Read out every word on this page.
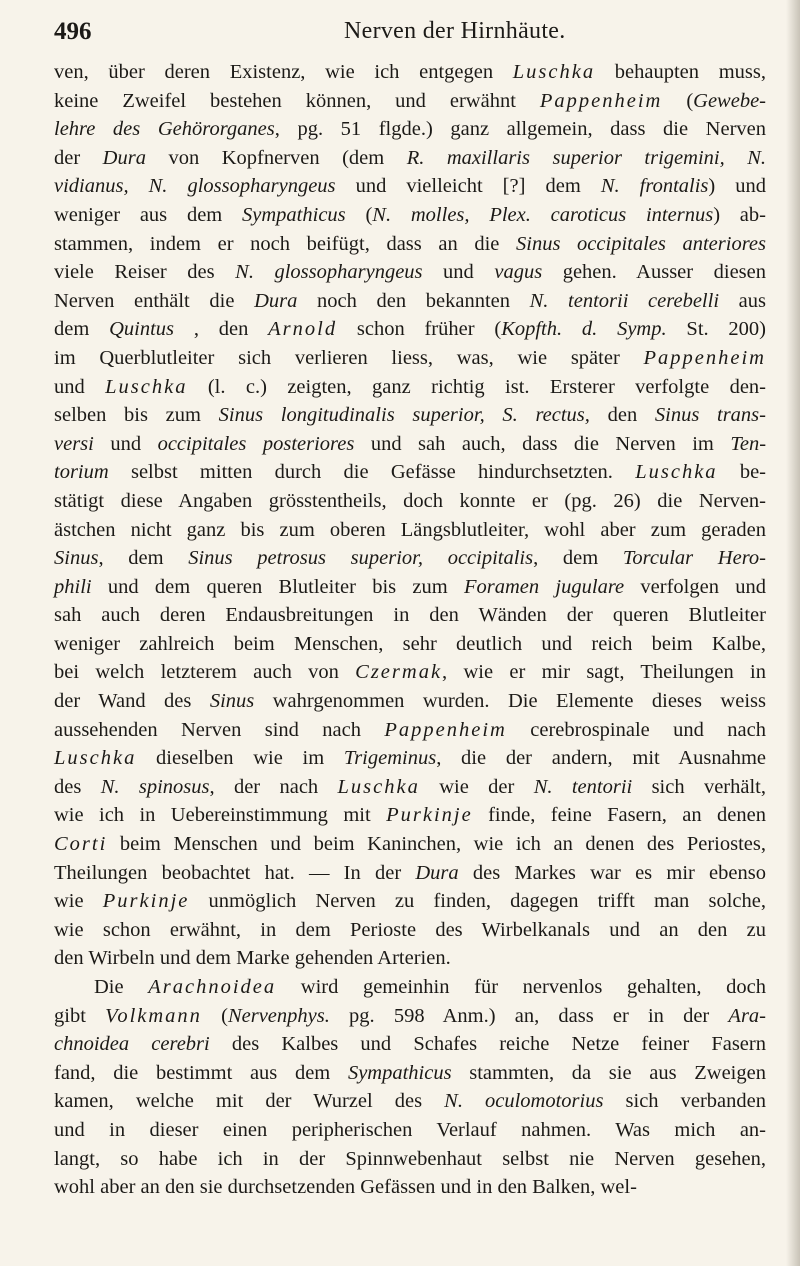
496	Nerven der Hirnhäute.
ven, über deren Existenz, wie ich entgegen Luschka behaupten muss,
keine Zweifel bestehen können, und erwähnt Pappenheim (Gewebe-
lehre des Gehörorganes, pg. 51 flgde.) ganz allgemein, dass die Nerven
der Dura von Kopfnerven (dem R. maxillaris superior trigemini, N.
vidianus, N. glossopharyngeus und vielleicht [?] dem N. frontalis) und
weniger aus dem Sympathicus (N. molles, Plex. caroticus internus) ab-
stammen, indem er noch beifügt, dass an die Sinus occipitales anteriores
viele Reiser des N. glossopharyngeus und vagus gehen. Ausser diesen
Nerven enthält die Dura noch den bekannten N. tentorii cerebelli aus
dem Quintus , den Arnold schon früher (Kopfth. d. Symp. St. 200)
im Querblutleiter sich verlieren liess, was, wie später Pappenheim
und Luschka (l. c.) zeigten, ganz richtig ist. Ersterer verfolgte den-
selben bis zum Sinus longitudinalis superior, S. rectus, den Sinus trans-
versi und occipitales posteriores und sah auch, dass die Nerven im Ten-
torium selbst mitten durch die Gefässe hindurchsetzten. Luschka be-
stätigt diese Angaben grösstentheils, doch konnte er (pg. 26) die Nerven-
ästchen nicht ganz bis zum oberen Längsblutleiter, wohl aber zum geraden
Sinus, dem Sinus petrosus superior, occipitalis, dem Torcular Hero-
phili und dem queren Blutleiter bis zum Foramen jugulare verfolgen und
sah auch deren Endausbreitungen in den Wänden der queren Blutleiter
weniger zahlreich beim Menschen, sehr deutlich und reich beim Kalbe,
bei welch letzterem auch von Czermak, wie er mir sagt, Theilungen in
der Wand des Sinus wahrgenommen wurden. Die Elemente dieses weiss
aussehenden Nerven sind nach Pappenheim cerebrospinale und nach
Luschka dieselben wie im Trigeminus, die der andern, mit Ausnahme
des N. spinosus, der nach Luschka wie der N. tentorii sich verhält,
wie ich in Uebereinstimmung mit Purkinje finde, feine Fasern, an denen
Corti beim Menschen und beim Kaninchen, wie ich an denen des Periostes,
Theilungen beobachtet hat. — In der Dura des Markes war es mir ebenso
wie Purkinje unmöglich Nerven zu finden, dagegen trifft man solche,
wie schon erwähnt, in dem Perioste des Wirbelkanals und an den zu
den Wirbeln und dem Marke gehenden Arterien.
Die Arachnoidea wird gemeinhin für nervenlos gehalten, doch
gibt Volkmann (Nervenphys. pg. 598 Anm.) an, dass er in der Ara-
chnoidea cerebri des Kalbes und Schafes reiche Netze feiner Fasern
fand, die bestimmt aus dem Sympathicus stammten, da sie aus Zweigen
kamen, welche mit der Wurzel des N. oculomotorius sich verbanden
und in dieser einen peripherischen Verlauf nahmen. Was mich an-
langt, so habe ich in der Spinnwebenhaut selbst nie Nerven gesehen,
wohl aber an den sie durchsetzenden Gefässen und in den Balken, wel-
